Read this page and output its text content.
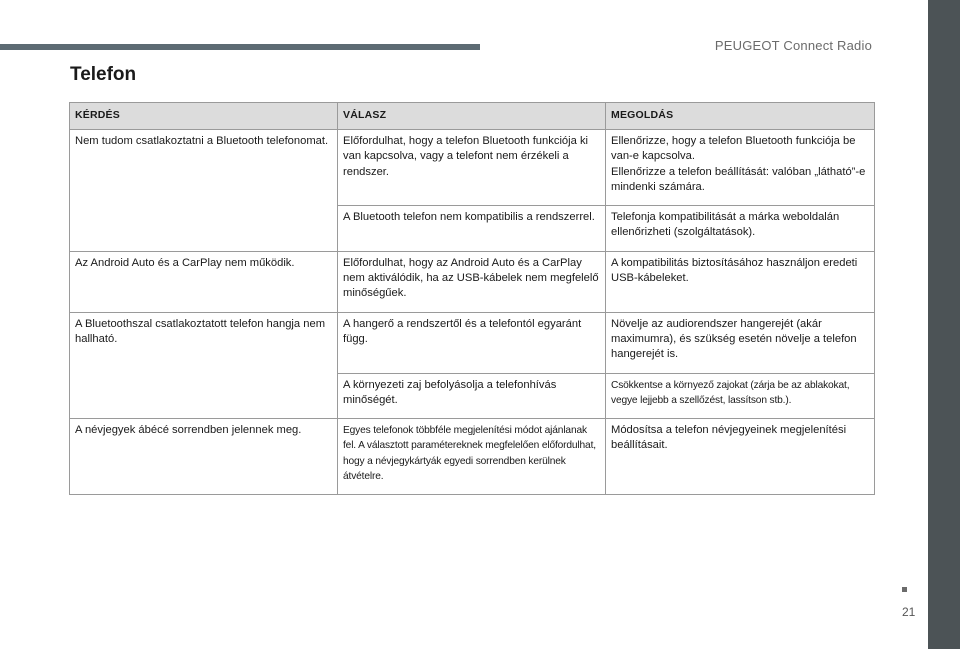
PEUGEOT Connect Radio
Telefon
KÉRDÉS	VÁLASZ	MEGOLDÁS
Nem tudom csatlakoztatni a Bluetooth telefonomat.	Előfordulhat, hogy a telefon Bluetooth funkciója ki van kapcsolva, vagy a telefont nem érzékeli a rendszer.	Ellenőrizze, hogy a telefon Bluetooth funkciója be van-e kapcsolva.
Ellenőrizze a telefon beállítását: valóban „látható”-e mindenki számára.

	A Bluetooth telefon nem kompatibilis a rendszerrel.	Telefonja kompatibilitását a márka weboldalán ellenőrizheti (szolgáltatások).
Az Android Auto és a CarPlay nem működik.	Előfordulhat, hogy az Android Auto és a CarPlay nem aktiválódik, ha az USB-kábelek nem megfelelő minőségűek.	A kompatibilitás biztosításához használjon eredeti USB-kábeleket.
A Bluetoothszal csatlakoztatott telefon hangja nem hallható.	A hangerő a rendszertől és a telefontól egyaránt függ.	Növelje az audiorendszer hangerejét (akár maximumra), és szükség esetén növelje a telefon hangerejét is.
	A környezeti zaj befolyásolja a telefonhívás minőségét.	Csökkentse a környező zajokat (zárja be az ablakokat, vegye lejjebb a szellőzést, lassítson stb.).
A névjegyek ábécé sorrendben jelennek meg.	Egyes telefonok többféle megjelenítési módot ajánlanak fel. A választott paramétereknek megfelelően előfordulhat, hogy a névjegykártyák egyedi sorrendben kerülnek átvételre.	Módosítsa a telefon névjegyeinek megjelenítési beállításait.
21
